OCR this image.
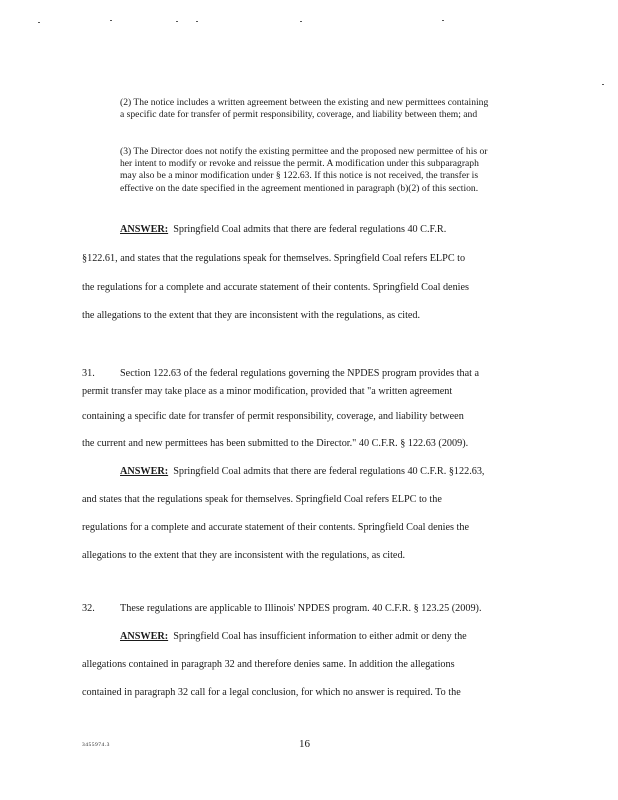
(2) The notice includes a written agreement between the existing and new permittees containing a specific date for transfer of permit responsibility, coverage, and liability between them; and

(3) The Director does not notify the existing permittee and the proposed new permittee of his or her intent to modify or revoke and reissue the permit. A modification under this subparagraph may also be a minor modification under § 122.63. If this notice is not received, the transfer is effective on the date specified in the agreement mentioned in paragraph (b)(2) of this section.

ANSWER: Springfield Coal admits that there are federal regulations 40 C.F.R.
§122.61, and states that the regulations speak for themselves. Springfield Coal refers ELPC to
the regulations for a complete and accurate statement of their contents. Springfield Coal denies
the allegations to the extent that they are inconsistent with the regulations, as cited.
31. Section 122.63 of the federal regulations governing the NPDES program provides that a
permit transfer may take place as a minor modification, provided that "a written agreement
containing a specific date for transfer of permit responsibility, coverage, and liability between
the current and new permittees has been submitted to the Director." 40 C.F.R. § 122.63 (2009).
ANSWER: Springfield Coal admits that there are federal regulations 40 C.F.R. §122.63,
and states that the regulations speak for themselves. Springfield Coal refers ELPC to the
regulations for a complete and accurate statement of their contents. Springfield Coal denies the
allegations to the extent that they are inconsistent with the regulations, as cited.
32. These regulations are applicable to Illinois' NPDES program. 40 C.F.R. § 123.25 (2009).
ANSWER: Springfield Coal has insufficient information to either admit or deny the
allegations contained in paragraph 32 and therefore denies same. In addition the allegations
contained in paragraph 32 call for a legal conclusion, for which no answer is required. To the
3455974.3	16
